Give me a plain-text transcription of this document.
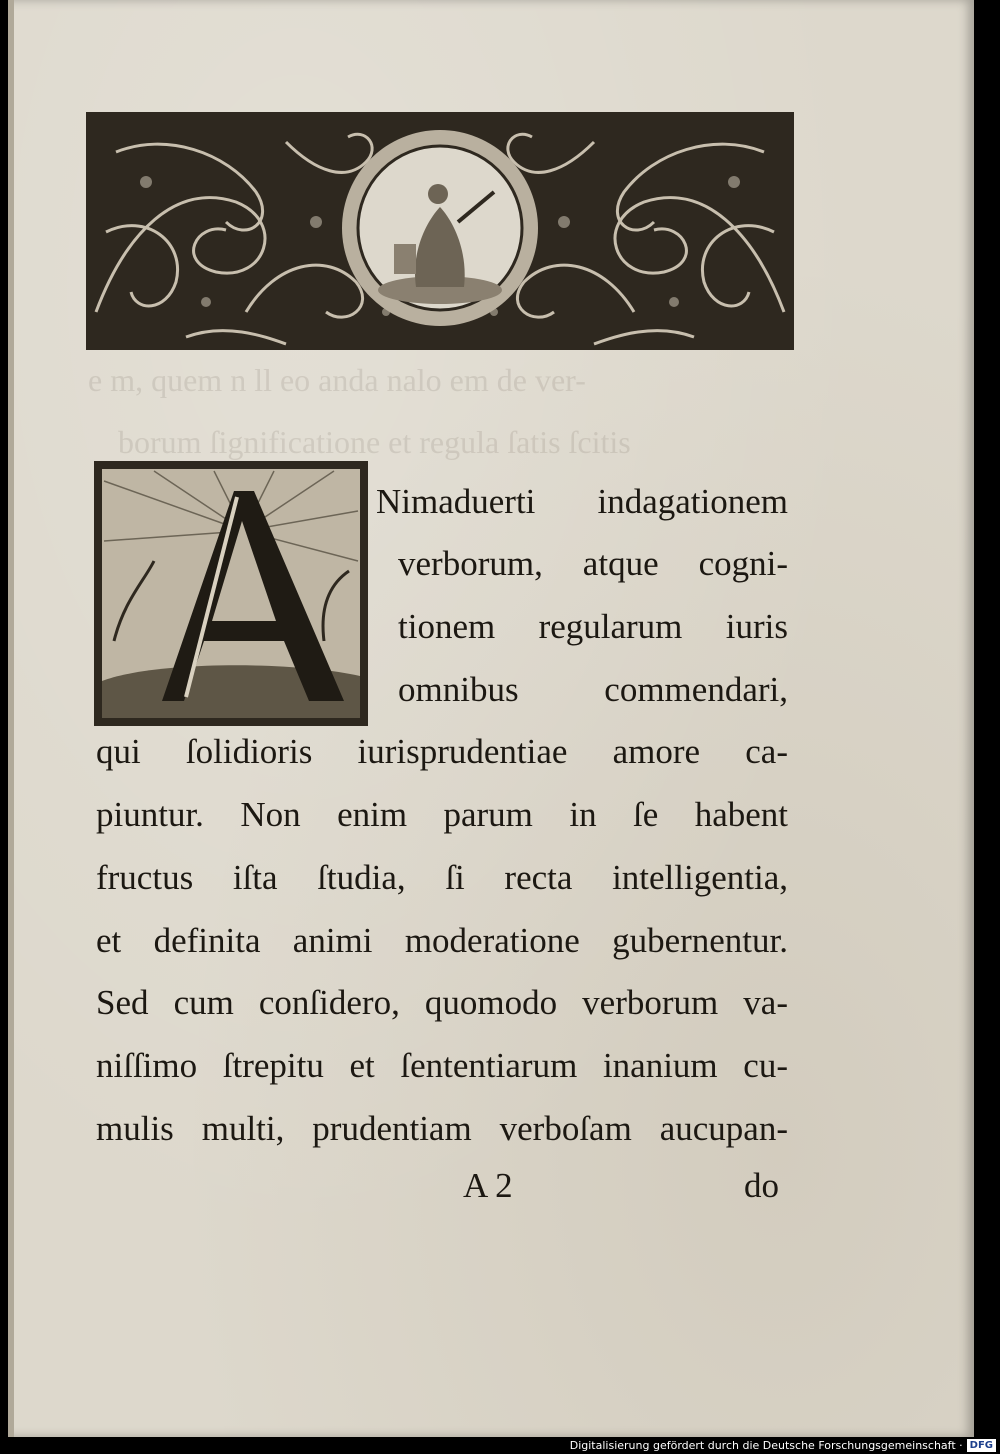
e m, quem n ll eo anda nalo em de ver-
borum ſignificatione et regula ſatis ſcitis
Nimaduerti indagationem
verborum, atque cogni-
tionem regularum iuris
omnibus commendari,
qui ſolidioris iurisprudentiae amore ca-
piuntur. Non enim parum in ſe habent
fructus iſta ſtudia, ſi recta intelligentia,
et definita animi moderatione gubernentur.
Sed cum conſidero, quomodo verborum va-
niſſimo ſtrepitu et ſententiarum inanium cu-
mulis multi, prudentiam verboſam aucupan-
A 2	do
Digitalisierung gefördert durch die Deutsche Forschungsgemeinschaft · DFG
